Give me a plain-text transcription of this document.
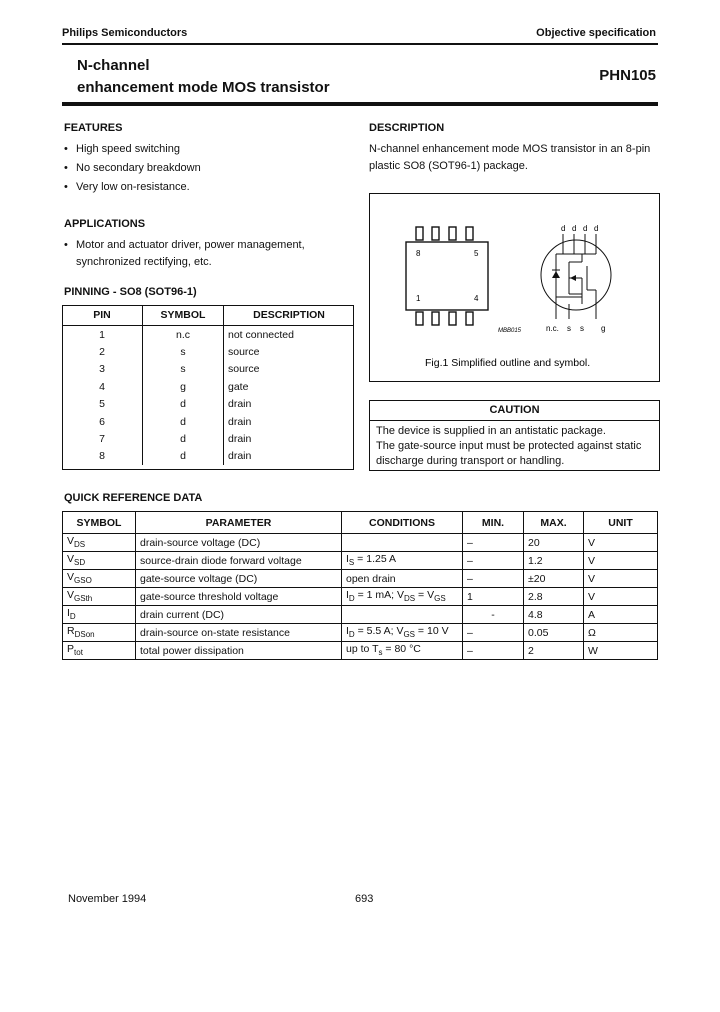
Philips Semiconductors	Objective specification
N-channel
enhancement mode MOS transistor
PHN105
FEATURES
• High speed switching
• No secondary breakdown
• Very low on-resistance.
APPLICATIONS
• Motor and actuator driver, power management,
synchronized rectifying, etc.
PINNING - SO8 (SOT96-1)
PIN	SYMBOL	DESCRIPTION
1	n.c	not connected
2	s	source
3	s	source
4	g	gate
5	d	drain
6	d	drain
7	d	drain
8	d	drain
DESCRIPTION
N-channel enhancement mode MOS transistor in an 8-pin
plastic SO8 (SOT96-1) package.
8	5
1	4
MBB015
d d d d
n.c. s s g
Fig.1 Simplified outline and symbol.
CAUTION
The device is supplied in an antistatic package.
The gate-source input must be protected against static
discharge during transport or handling.
QUICK REFERENCE DATA
SYMBOL	PARAMETER	CONDITIONS	MIN.	MAX.	UNIT
$V_{DS}$	drain-source voltage (DC)		–	20	V
$V_{SD}$	source-drain diode forward voltage	$I_S = 1.25$ A	–	1.2	V
$V_{GSO}$	gate-source voltage (DC)	open drain	–	±20	V
$V_{GSth}$	gate-source threshold voltage	$I_D = 1$ mA; $V_{DS} = V_{GS}$	1	2.8	V
$I_D$	drain current (DC)		-	4.8	A
$R_{DSon}$	drain-source on-state resistance	$I_D = 5.5$ A; $V_{GS} = 10$ V	–	0.05	Ω
$P_{tot}$	total power dissipation	up to $T_s = 80$ °C	–	2	W
November 1994	693
